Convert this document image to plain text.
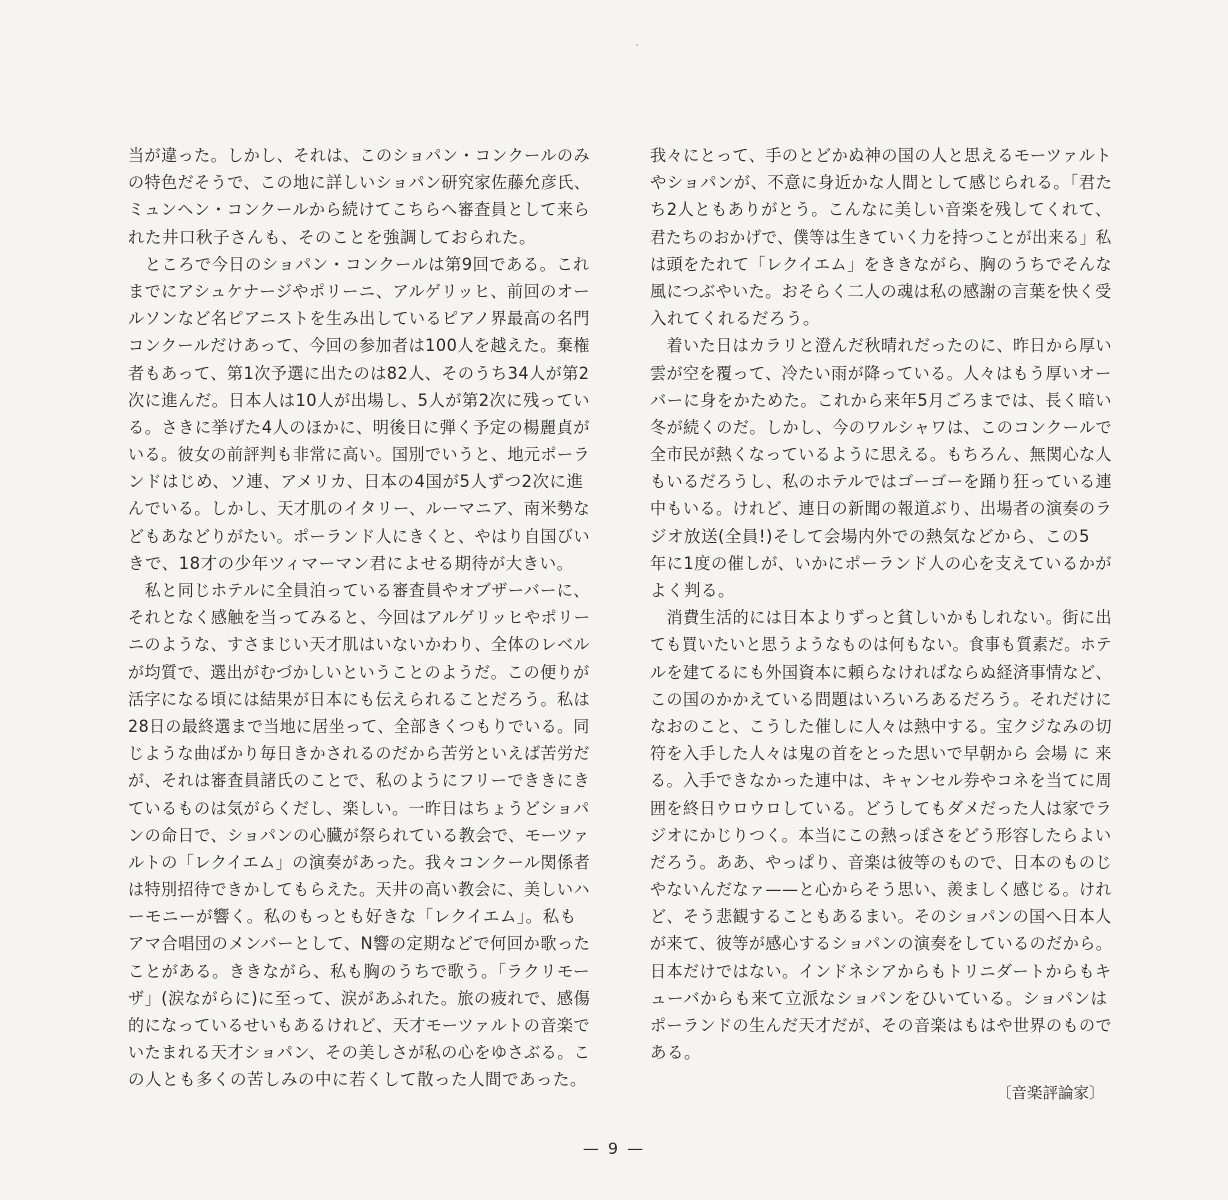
当が違った。しかし、それは、このショパン・コンクールのみ
の特色だそうで、この地に詳しいショパン研究家佐藤允彦氏、
ミュンヘン・コンクールから続けてこちらへ審査員として来ら
れた井口秋子さんも、そのことを強調しておられた。
　ところで今日のショパン・コンクールは第9回である。これ
までにアシュケナージやポリーニ、アルゲリッヒ、前回のオー
ルソンなど名ピアニストを生み出しているピアノ界最高の名門
コンクールだけあって、今回の参加者は100人を越えた。棄権
者もあって、第1次予選に出たのは82人、そのうち34人が第2
次に進んだ。日本人は10人が出場し、5人が第2次に残ってい
る。さきに挙げた4人のほかに、明後日に弾く予定の楊麗貞が
いる。彼女の前評判も非常に高い。国別でいうと、地元ポーラ
ンドはじめ、ソ連、アメリカ、日本の4国が5人ずつ2次に進
んでいる。しかし、天才肌のイタリー、ルーマニア、南米勢な
どもあなどりがたい。ポーランド人にきくと、やはり自国びい
きで、18才の少年ツィマーマン君によせる期待が大きい。
　私と同じホテルに全員泊っている審査員やオブザーバーに、
それとなく感触を当ってみると、今回はアルゲリッヒやポリー
ニのような、すさまじい天才肌はいないかわり、全体のレベル
が均質で、選出がむづかしいということのようだ。この便りが
活字になる頃には結果が日本にも伝えられることだろう。私は
28日の最終選まで当地に居坐って、全部きくつもりでいる。同
じような曲ばかり毎日きかされるのだから苦労といえば苦労だ
が、それは審査員諸氏のことで、私のようにフリーでききにき
ているものは気がらくだし、楽しい。一昨日はちょうどショパ
ンの命日で、ショパンの心臓が祭られている教会で、モーツァ
ルトの「レクイエム」の演奏があった。我々コンクール関係者
は特別招待できかしてもらえた。天井の高い教会に、美しいハ
ーモニーが響く。私のもっとも好きな「レクイエム」。私も
アマ合唱団のメンバーとして、N響の定期などで何回か歌った
ことがある。ききながら、私も胸のうちで歌う。「ラクリモー
ザ」(涙ながらに)に至って、涙があふれた。旅の疲れで、感傷
的になっているせいもあるけれど、天才モーツァルトの音楽で
いたまれる天才ショパン、その美しさが私の心をゆさぶる。こ
の人とも多くの苦しみの中に若くして散った人間であった。
我々にとって、手のとどかぬ神の国の人と思えるモーツァルト
やショパンが、不意に身近かな人間として感じられる。「君た
ち2人ともありがとう。こんなに美しい音楽を残してくれて、
君たちのおかげで、僕等は生きていく力を持つことが出来る」私
は頭をたれて「レクイエム」をききながら、胸のうちでそんな
風につぶやいた。おそらく二人の魂は私の感謝の言葉を快く受
入れてくれるだろう。
　着いた日はカラリと澄んだ秋晴れだったのに、昨日から厚い
雲が空を覆って、冷たい雨が降っている。人々はもう厚いオー
バーに身をかためた。これから来年5月ごろまでは、長く暗い
冬が続くのだ。しかし、今のワルシャワは、このコンクールで
全市民が熱くなっているように思える。もちろん、無関心な人
もいるだろうし、私のホテルではゴーゴーを踊り狂っている連
中もいる。けれど、連日の新聞の報道ぶり、出場者の演奏のラ
ジオ放送(全員!)そして会場内外での熱気などから、この5
年に1度の催しが、いかにポーランド人の心を支えているかが
よく判る。
　消費生活的には日本よりずっと貧しいかもしれない。街に出
ても買いたいと思うようなものは何もない。食事も質素だ。ホテ
ルを建てるにも外国資本に頼らなければならぬ経済事情など、
この国のかかえている問題はいろいろあるだろう。それだけに
なおのこと、こうした催しに人々は熱中する。宝クジなみの切
符を入手した人々は鬼の首をとった思いで早朝から 会場 に 来
る。入手できなかった連中は、キャンセル券やコネを当てに周
囲を終日ウロウロしている。どうしてもダメだった人は家でラ
ジオにかじりつく。本当にこの熱っぽさをどう形容したらよい
だろう。ああ、やっぱり、音楽は彼等のもので、日本のものじ
やないんだなァ——と心からそう思い、羨ましく感じる。けれ
ど、そう悲観することもあるまい。そのショパンの国へ日本人
が来て、彼等が感心するショパンの演奏をしているのだから。
日本だけではない。インドネシアからもトリニダートからもキ
ューバからも来て立派なショパンをひいている。ショパンは
ポーランドの生んだ天才だが、その音楽はもはや世界のもので
ある。
〔音楽評論家〕
— 9 —
